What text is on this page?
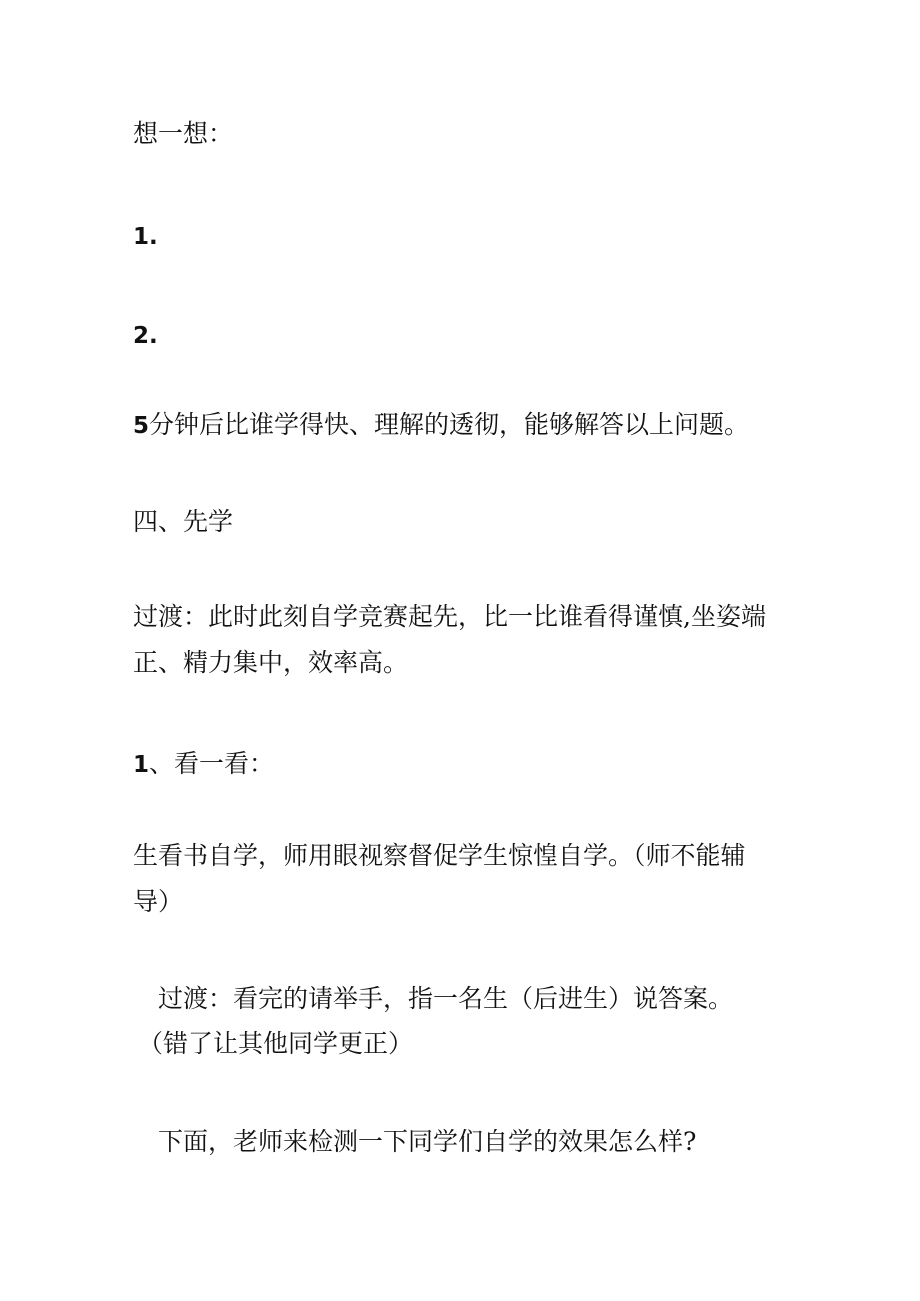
想一想：

1.

2.

5分钟后比谁学得快、理解的透彻，能够解答以上问题。

四、先学

过渡：此时此刻自学竞赛起先，比一比谁看得谨慎,坐姿端

正、精力集中，效率高。

1、看一看：

生看书自学，师用眼视察督促学生惊惶自学。（师不能辅

导）

过渡：看完的请举手，指一名生（后进生）说答案。

（错了让其他同学更正）

下面，老师来检测一下同学们自学的效果怎么样?
